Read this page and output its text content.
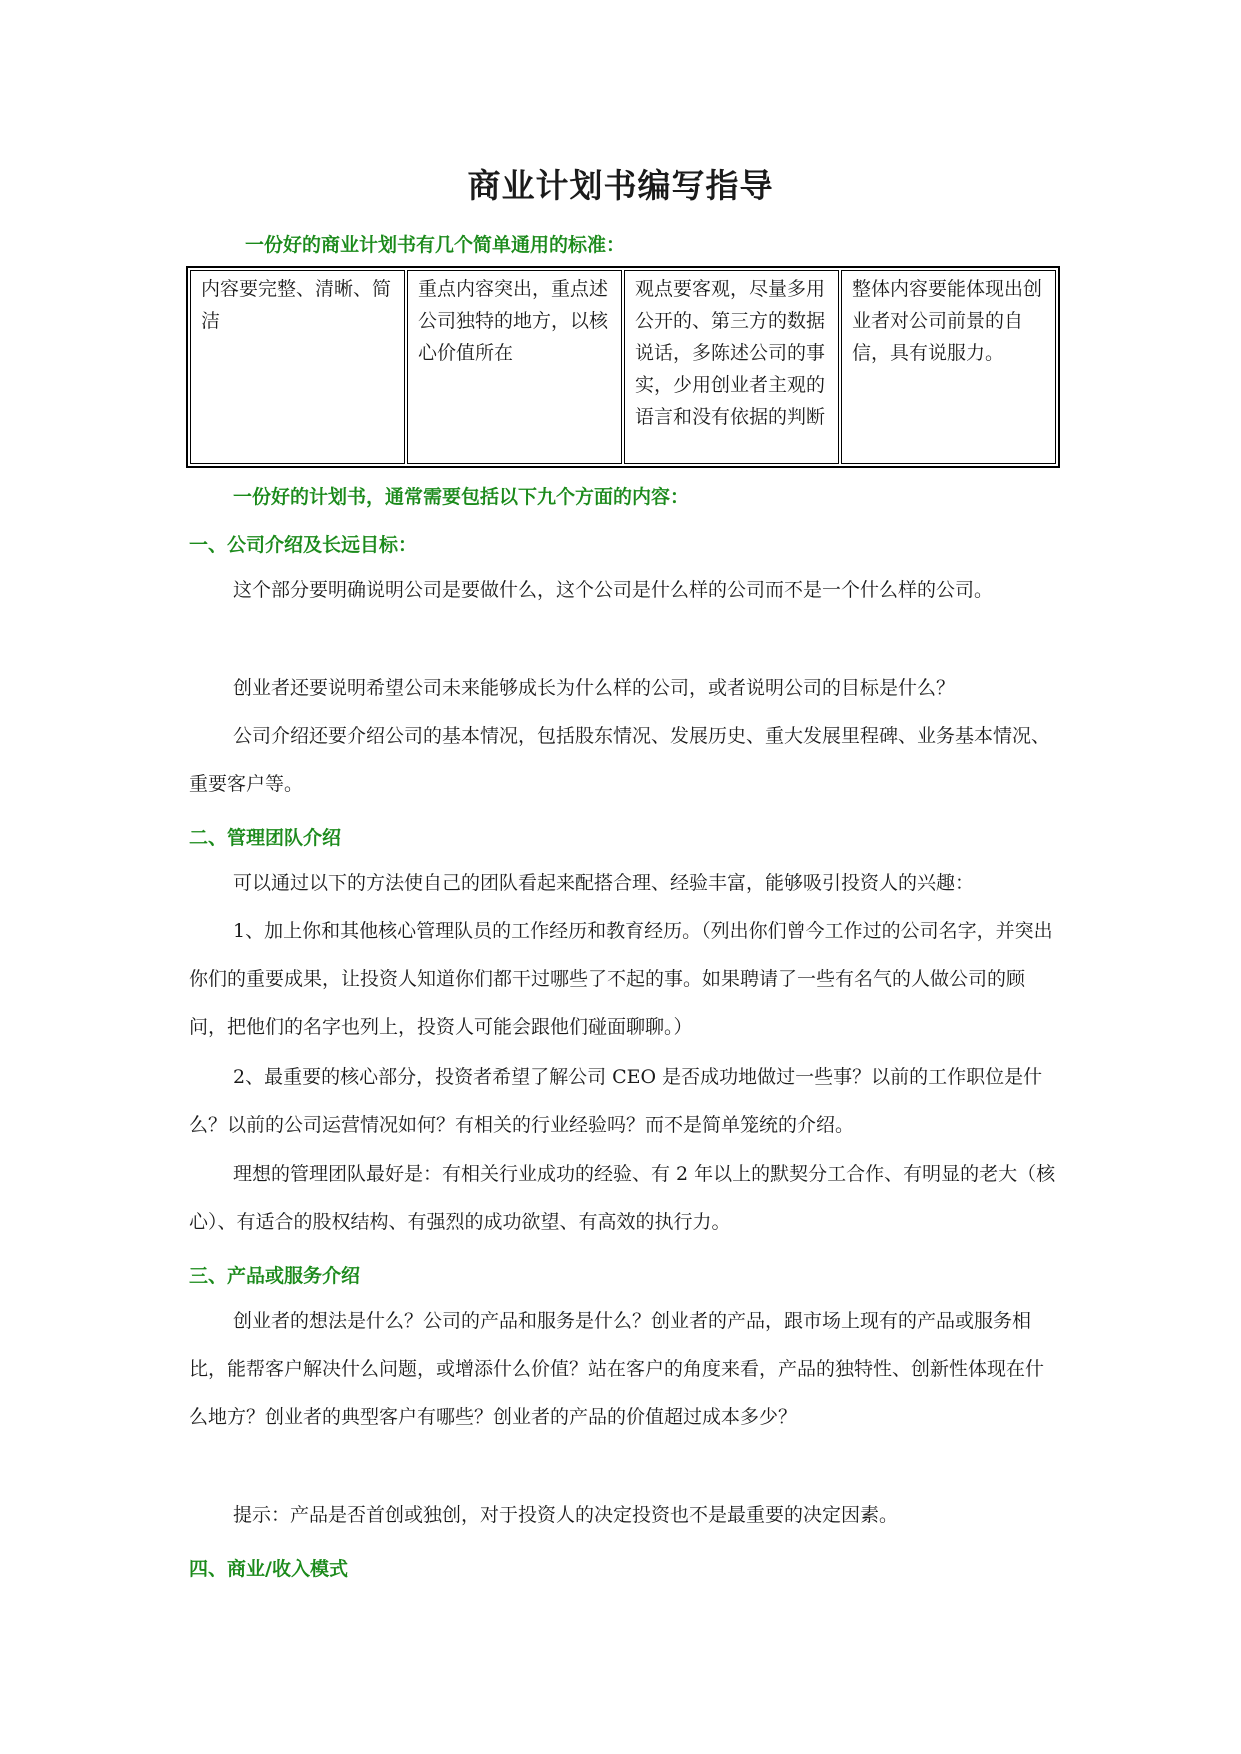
商业计划书编写指导
一份好的商业计划书有几个简单通用的标准：
内容要完整、清晰、简洁	重点内容突出，重点述公司独特的地方，以核心价值所在	观点要客观，尽量多用公开的、第三方的数据说话，多陈述公司的事实，少用创业者主观的语言和没有依据的判断	整体内容要能体现出创业者对公司前景的自信，具有说服力。
一份好的计划书，通常需要包括以下九个方面的内容：
一、公司介绍及长远目标：
这个部分要明确说明公司是要做什么，这个公司是什么样的公司而不是一个什么样的公司。
创业者还要说明希望公司未来能够成长为什么样的公司，或者说明公司的目标是什么？
公司介绍还要介绍公司的基本情况，包括股东情况、发展历史、重大发展里程碑、业务基本情况、重要客户等。
二、管理团队介绍
可以通过以下的方法使自己的团队看起来配搭合理、经验丰富，能够吸引投资人的兴趣：
1、加上你和其他核心管理队员的工作经历和教育经历。（列出你们曾今工作过的公司名字，并突出你们的重要成果，让投资人知道你们都干过哪些了不起的事。如果聘请了一些有名气的人做公司的顾问，把他们的名字也列上，投资人可能会跟他们碰面聊聊。）
2、最重要的核心部分，投资者希望了解公司 CEO 是否成功地做过一些事？以前的工作职位是什么？以前的公司运营情况如何？有相关的行业经验吗？而不是简单笼统的介绍。
理想的管理团队最好是：有相关行业成功的经验、有 2 年以上的默契分工合作、有明显的老大（核心）、有适合的股权结构、有强烈的成功欲望、有高效的执行力。
三、产品或服务介绍
创业者的想法是什么？公司的产品和服务是什么？创业者的产品，跟市场上现有的产品或服务相比，能帮客户解决什么问题，或增添什么价值？站在客户的角度来看，产品的独特性、创新性体现在什么地方？创业者的典型客户有哪些？创业者的产品的价值超过成本多少？
提示：产品是否首创或独创，对于投资人的决定投资也不是最重要的决定因素。
四、商业/收入模式
